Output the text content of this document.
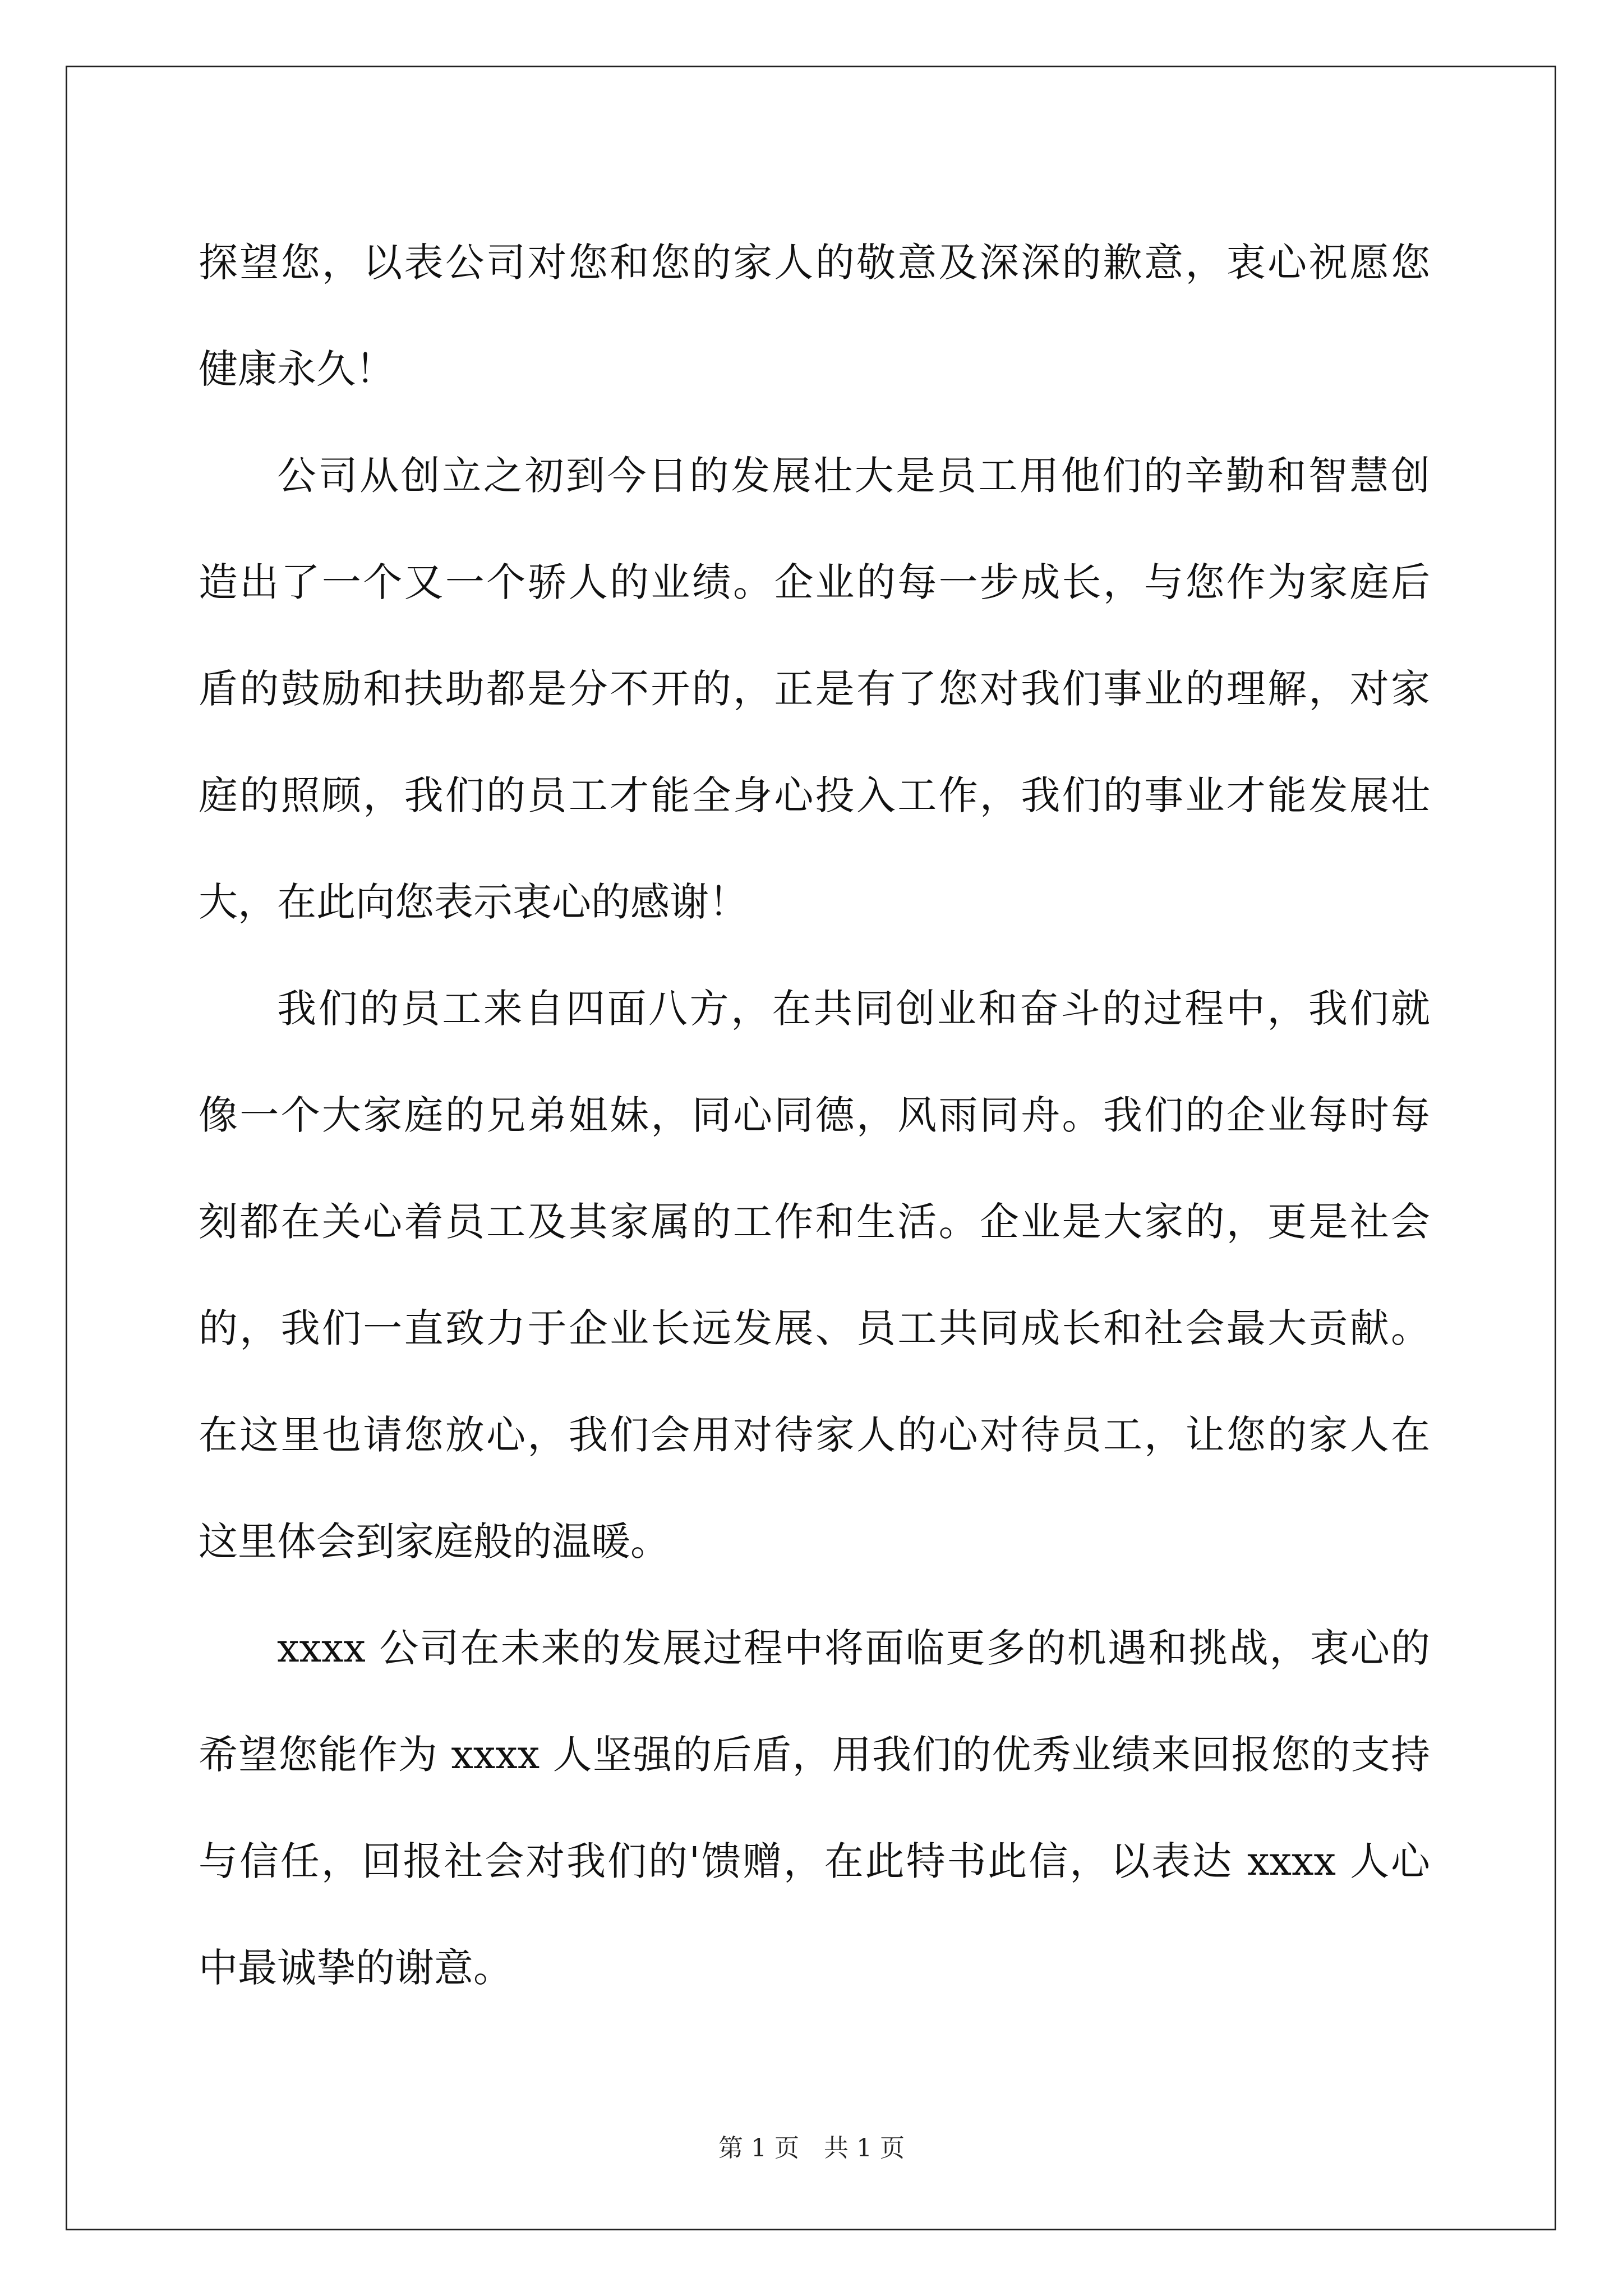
探望您，以表公司对您和您的家人的敬意及深深的歉意，衷心祝愿您
健康永久！
公司从创立之初到今日的发展壮大是员工用他们的辛勤和智慧创
造出了一个又一个骄人的业绩。企业的每一步成长，与您作为家庭后
盾的鼓励和扶助都是分不开的，正是有了您对我们事业的理解，对家
庭的照顾，我们的员工才能全身心投入工作，我们的事业才能发展壮
大，在此向您表示衷心的感谢！
我们的员工来自四面八方，在共同创业和奋斗的过程中，我们就
像一个大家庭的兄弟姐妹，同心同德，风雨同舟。我们的企业每时每
刻都在关心着员工及其家属的工作和生活。企业是大家的，更是社会
的，我们一直致力于企业长远发展、员工共同成长和社会最大贡献。
在这里也请您放心，我们会用对待家人的心对待员工，让您的家人在
这里体会到家庭般的温暖。
xxxx 公司在未来的发展过程中将面临更多的机遇和挑战，衷心的
希望您能作为 xxxx 人坚强的后盾，用我们的优秀业绩来回报您的支持
与信任，回报社会对我们的'馈赠，在此特书此信，以表达 xxxx 人心
中最诚挚的谢意。
第 1 页 共 1 页
